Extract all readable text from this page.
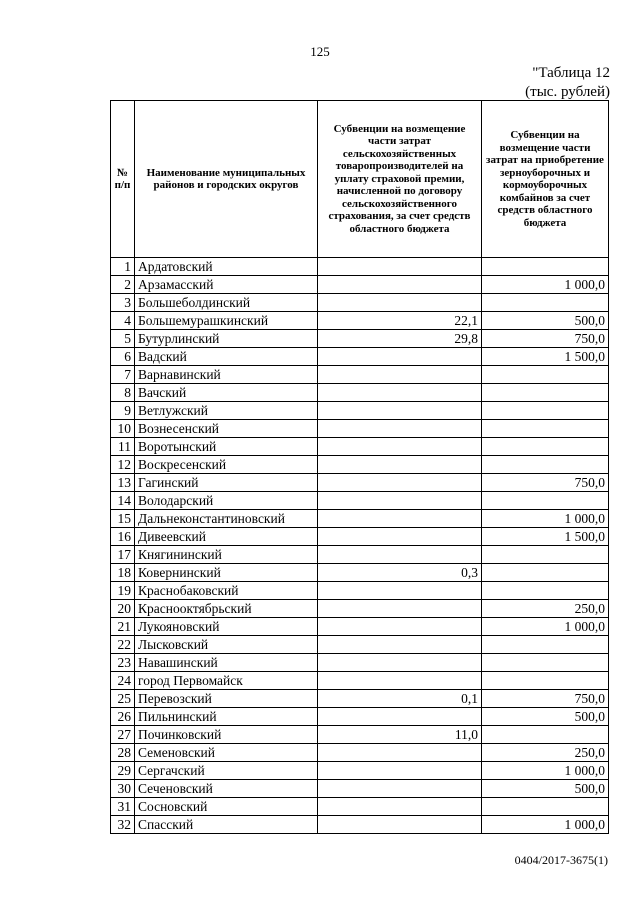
125
"Таблица 12
(тыс. рублей)
№ п/п	Наименование муниципальных районов и городских округов	Субвенции на возмещение части затрат сельскохозяйственных товаропроизводителей на уплату страховой премии, начисленной по договору сельскохозяйственного страхования, за счет средств областного бюджета	Субвенции на возмещение части затрат на приобретение зерноуборочных и кормоуборочных комбайнов за счет средств областного бюджета
1	Ардатовский		
2	Арзамасский		1 000,0
3	Большеболдинский		
4	Большемурашкинский	22,1	500,0
5	Бутурлинский	29,8	750,0
6	Вадский		1 500,0
7	Варнавинский		
8	Вачский		
9	Ветлужский		
10	Вознесенский		
11	Воротынский		
12	Воскресенский		
13	Гагинский		750,0
14	Володарский		
15	Дальнеконстантиновский		1 000,0
16	Дивеевский		1 500,0
17	Княгининский		
18	Ковернинский	0,3	
19	Краснобаковский		
20	Краснооктябрьский		250,0
21	Лукояновский		1 000,0
22	Лысковский		
23	Навашинский		
24	город Первомайск		
25	Перевозский	0,1	750,0
26	Пильнинский		500,0
27	Починковский	11,0	
28	Семеновский		250,0
29	Сергачский		1 000,0
30	Сеченовский		500,0
31	Сосновский		
32	Спасский		1 000,0
0404/2017-3675(1)
